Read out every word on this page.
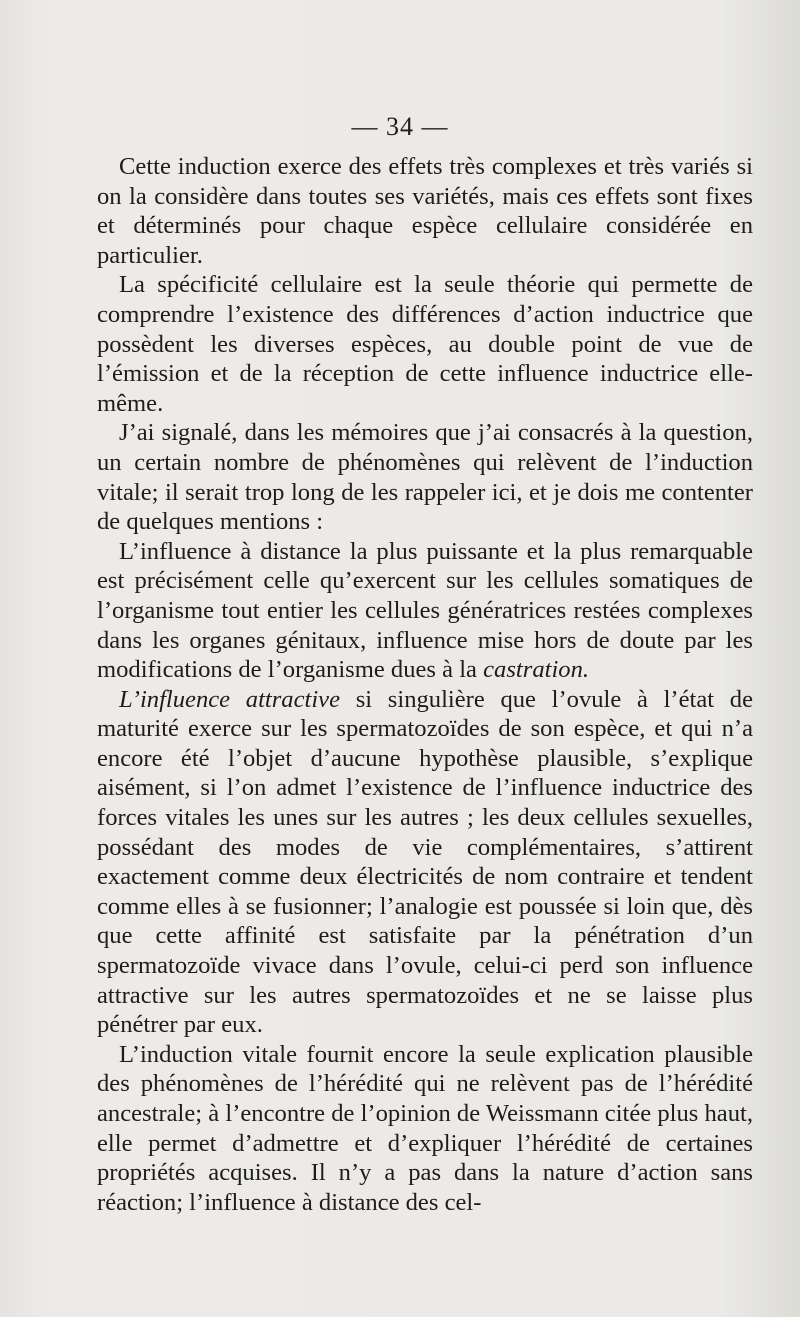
— 34 —

Cette induction exerce des effets très complexes et très variés si on la considère dans toutes ses variétés, mais ces effets sont fixes et déterminés pour chaque espèce cellulaire considérée en particulier.

La spécificité cellulaire est la seule théorie qui permette de comprendre l’existence des différences d’action inductrice que possèdent les diverses espèces, au double point de vue de l’émission et de la réception de cette influence inductrice elle-même.

J’ai signalé, dans les mémoires que j’ai consacrés à la question, un certain nombre de phénomènes qui relèvent de l’induction vitale; il serait trop long de les rappeler ici, et je dois me contenter de quelques mentions :

L’influence à distance la plus puissante et la plus remarquable est précisément celle qu’exercent sur les cellules somatiques de l’organisme tout entier les cellules génératrices restées complexes dans les organes génitaux, influence mise hors de doute par les modifications de l’organisme dues à la castration.

L’influence attractive si singulière que l’ovule à l’état de maturité exerce sur les spermatozoïdes de son espèce, et qui n’a encore été l’objet d’aucune hypothèse plausible, s’explique aisément, si l’on admet l’existence de l’influence inductrice des forces vitales les unes sur les autres ; les deux cellules sexuelles, possédant des modes de vie complémentaires, s’attirent exactement comme deux électricités de nom contraire et tendent comme elles à se fusionner; l’analogie est poussée si loin que, dès que cette affinité est satisfaite par la pénétration d’un spermatozoïde vivace dans l’ovule, celui-ci perd son influence attractive sur les autres spermatozoïdes et ne se laisse plus pénétrer par eux.

L’induction vitale fournit encore la seule explication plausible des phénomènes de l’hérédité qui ne relèvent pas de l’hérédité ancestrale; à l’encontre de l’opinion de Weissmann citée plus haut, elle permet d’admettre et d’expliquer l’hérédité de certaines propriétés acquises. Il n’y a pas dans la nature d’action sans réaction; l’influence à distance des cel-
